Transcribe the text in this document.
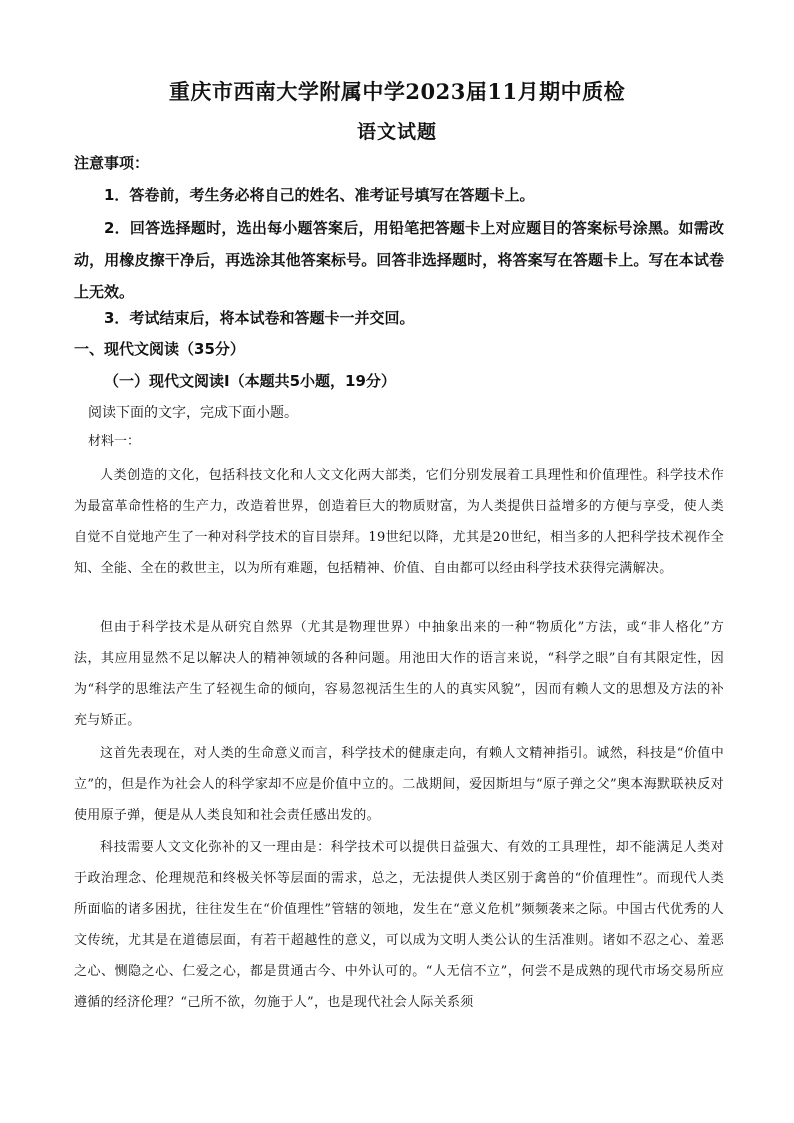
重庆市西南大学附属中学2023届11月期中质检
语文试题

注意事项：

1．答卷前，考生务必将自己的姓名、准考证号填写在答题卡上。

2．回答选择题时，选出每小题答案后，用铅笔把答题卡上对应题目的答案标号涂黑。如需改动，用橡皮擦干净后，再选涂其他答案标号。回答非选择题时，将答案写在答题卡上。写在本试卷上无效。

3．考试结束后，将本试卷和答题卡一并交回。

一、现代文阅读（35分）

（一）现代文阅读I（本题共5小题，19分）

阅读下面的文字，完成下面小题。

材料一：

人类创造的文化，包括科技文化和人文文化两大部类，它们分别发展着工具理性和价值理性。科学技术作为最富革命性格的生产力，改造着世界，创造着巨大的物质财富，为人类提供日益增多的方便与享受，使人类自觉不自觉地产生了一种对科学技术的盲目崇拜。19世纪以降，尤其是20世纪，相当多的人把科学技术视作全知、全能、全在的救世主，以为所有难题，包括精神、价值、自由都可以经由科学技术获得完满解决。

但由于科学技术是从研究自然界（尤其是物理世界）中抽象出来的一种“物质化”方法，或“非人格化”方法，其应用显然不足以解决人的精神领域的各种问题。用池田大作的语言来说，“科学之眼”自有其限定性，因为“科学的思维法产生了轻视生命的倾向，容易忽视活生生的人的真实风貌”，因而有赖人文的思想及方法的补充与矫正。

这首先表现在，对人类的生命意义而言，科学技术的健康走向，有赖人文精神指引。诚然，科技是“价值中立”的，但是作为社会人的科学家却不应是价值中立的。二战期间，爱因斯坦与“原子弹之父”奥本海默联袂反对使用原子弹，便是从人类良知和社会责任感出发的。

科技需要人文文化弥补的又一理由是：科学技术可以提供日益强大、有效的工具理性，却不能满足人类对于政治理念、伦理规范和终极关怀等层面的需求，总之，无法提供人类区别于禽兽的“价值理性”。而现代人类所面临的诸多困扰，往往发生在“价值理性”管辖的领地，发生在“意义危机”频频袭来之际。中国古代优秀的人文传统，尤其是在道德层面，有若干超越性的意义，可以成为文明人类公认的生活准则。诸如不忍之心、羞恶之心、恻隐之心、仁爱之心，都是贯通古今、中外认可的。“人无信不立”，何尝不是成熟的现代市场交易所应遵循的经济伦理？“己所不欲，勿施于人”，也是现代社会人际关系须
